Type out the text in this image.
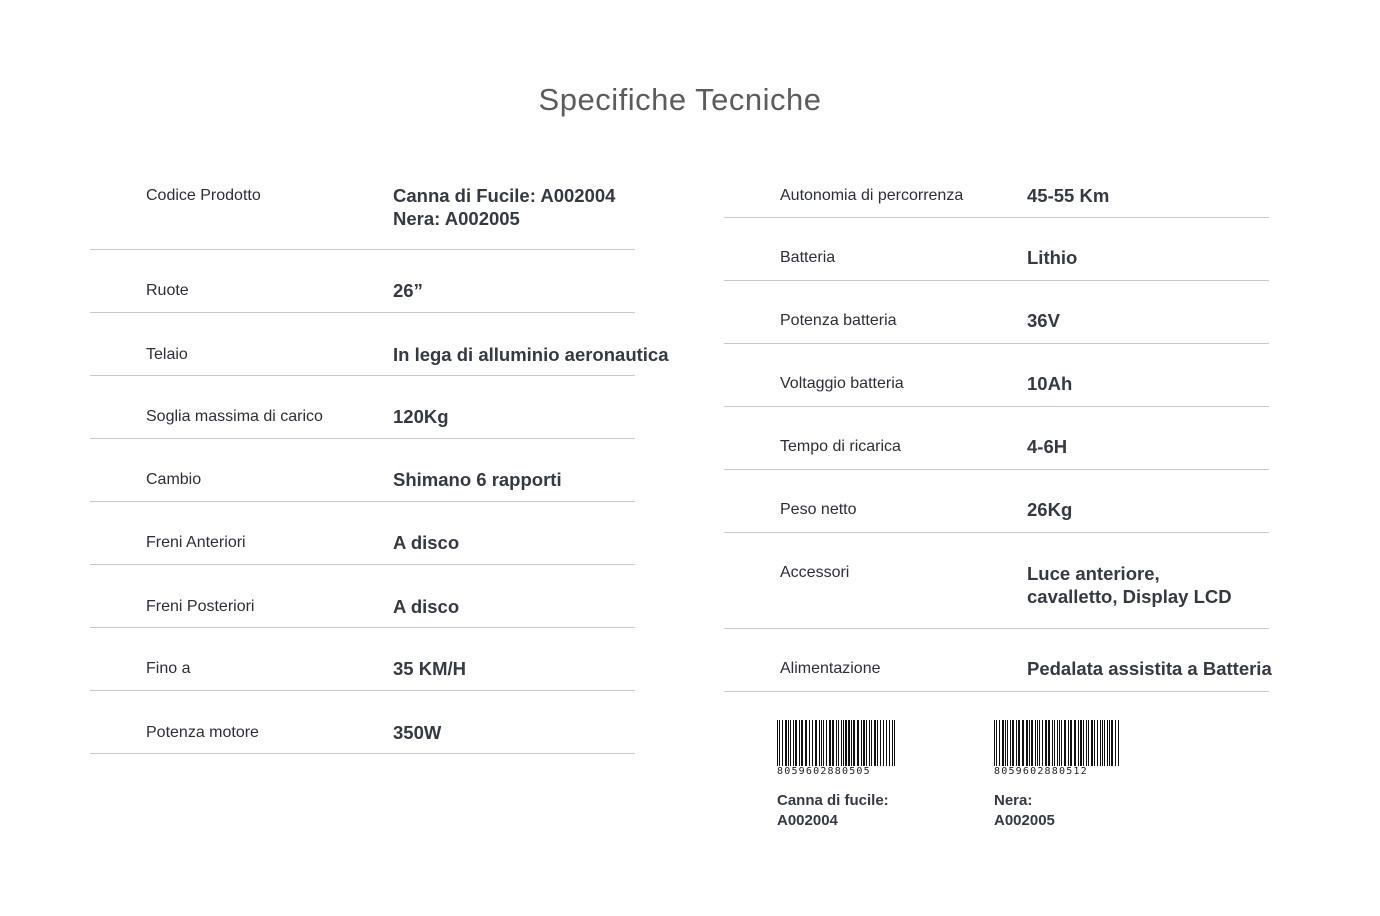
Specifiche Tecniche
Codice Prodotto	Canna di Fucile: A002004
Nera: A002005
Ruote	26”
Telaio	In lega di alluminio aeronautica
Soglia massima di carico	120Kg
Cambio	Shimano 6 rapporti
Freni Anteriori	A disco
Freni Posteriori	A disco
Fino a	35 KM/H
Potenza motore	350W
Autonomia di percorrenza	45-55 Km
Batteria	Lithio
Potenza batteria	36V
Voltaggio batteria	10Ah
Tempo di ricarica	4-6H
Peso netto	26Kg
Accessori	Luce anteriore,
cavalletto, Display LCD
Alimentazione	Pedalata assistita a Batteria
8059602880505
Canna di fucile:
A002004
8059602880512
Nera:
A002005
